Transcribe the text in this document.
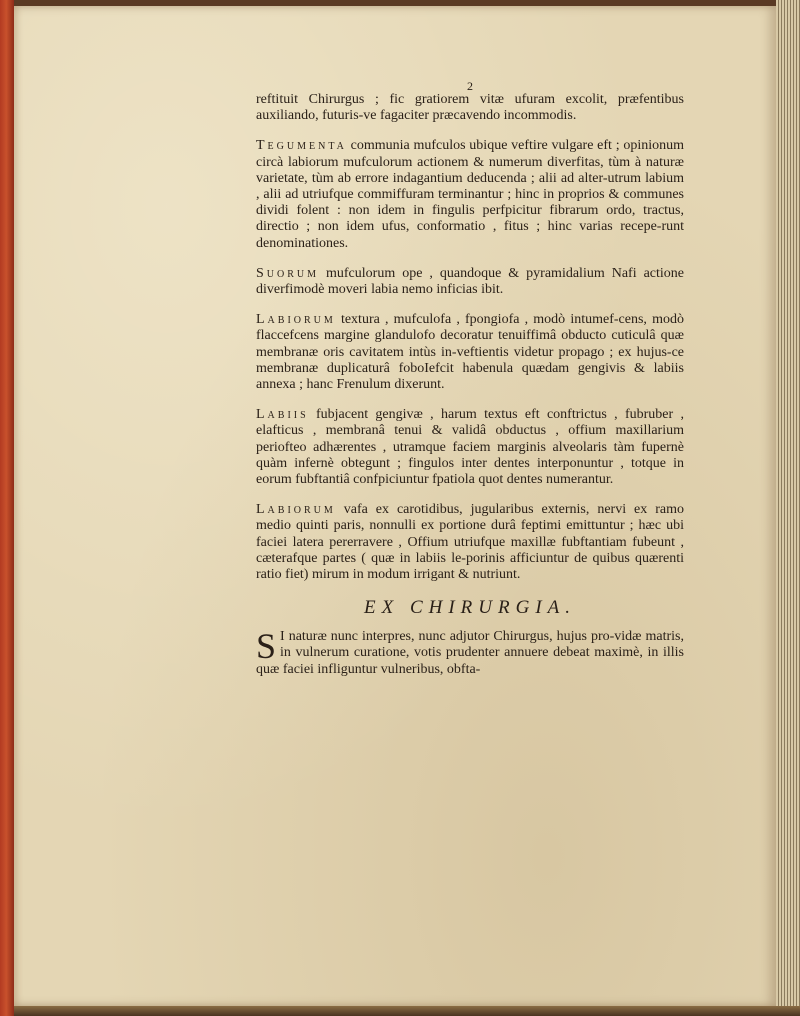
2

reftituit Chirurgus ; fic gratiorem vitæ ufuram excolit, præfentibus auxiliando, futuris-ve fagaciter præcavendo incommodis.

Tegumenta communia mufculos ubique veftire vulgare eft ; opinionum circà labiorum mufculorum actionem & numerum diverfitas, tùm à naturæ varietate, tùm ab errore indagantium deducenda ; alii ad alter-utrum labium , alii ad utriufque commiffuram terminantur ; hinc in proprios & communes dividi folent : non idem in fingulis perfpicitur fibrarum ordo, tractus, directio ; non idem ufus, conformatio , fitus ; hinc varias recepe-runt denominationes.

Suorum mufculorum ope , quandoque & pyramidalium Nafi actione diverfimodè moveri labia nemo inficias ibit.

Labiorum textura , mufculofa , fpongiofa , modò intumef-cens, modò flaccefcens margine glandulofo decoratur tenuiffimâ obducto cuticulâ quæ membranæ oris cavitatem intùs in-veftientis videtur propago ; ex hujus-ce membranæ duplicaturâ foboIefcit habenula quædam gengivis & labiis annexa ; hanc Frenulum dixerunt.

Labiis fubjacent gengivæ , harum textus eft conftrictus , fubruber , elafticus , membranâ tenui & validâ obductus , offium maxillarium periofteo adhærentes , utramque faciem marginis alveolaris tàm fupernè quàm infernè obtegunt ; fingulos inter dentes interponuntur , totque in eorum fubftantiâ confpiciuntur fpatiola quot dentes numerantur.

Labiorum vafa ex carotidibus, jugularibus externis, nervi ex ramo medio quinti paris, nonnulli ex portione durâ feptimi emittuntur ; hæc ubi faciei latera pererravere , Offium utriufque maxillæ fubftantiam fubeunt , cæterafque partes ( quæ in labiis le-porinis afficiuntur de quibus quærenti ratio fiet) mirum in modum irrigant & nutriunt.

EX CHIRURGIA.

S I naturæ nunc interpres, nunc adjutor Chirurgus, hujus pro-vidæ matris, in vulnerum curatione, votis prudenter annuere debeat maximè, in illis quæ faciei infliguntur vulneribus, obfta-
